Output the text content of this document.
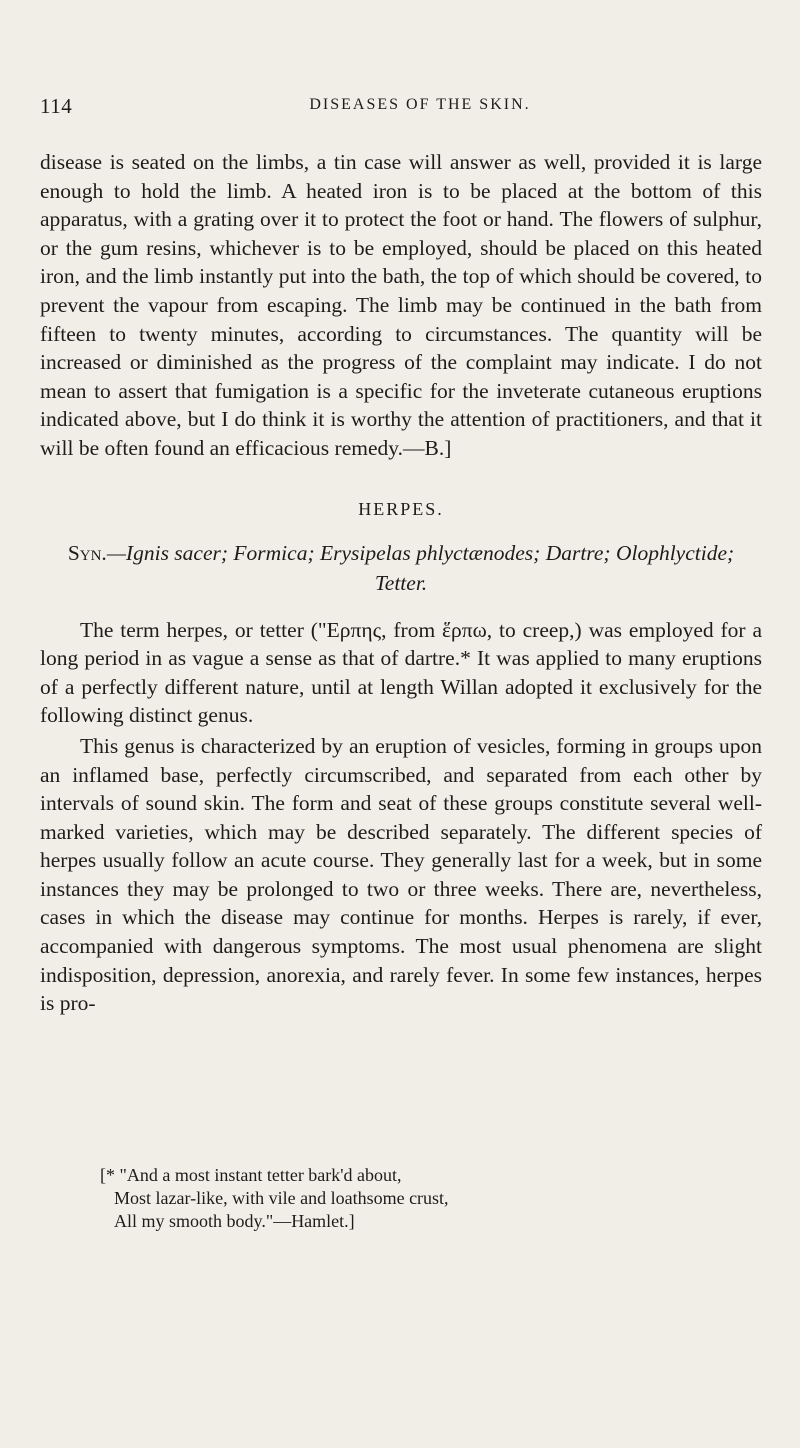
114	DISEASES OF THE SKIN.

disease is seated on the limbs, a tin case will answer as well, provided it is large enough to hold the limb. A heated iron is to be placed at the bottom of this apparatus, with a grating over it to protect the foot or hand. The flowers of sulphur, or the gum resins, whichever is to be employed, should be placed on this heated iron, and the limb instantly put into the bath, the top of which should be covered, to prevent the vapour from escaping. The limb may be continued in the bath from fifteen to twenty minutes, according to circumstances. The quantity will be increased or diminished as the progress of the complaint may indicate. I do not mean to assert that fumigation is a specific for the inveterate cutaneous eruptions indicated above, but I do think it is worthy the attention of practitioners, and that it will be often found an efficacious remedy.—B.]

HERPES.
Syn.—Ignis sacer; Formica; Erysipelas phlyctænodes; Dartre; Olophlyctide; Tetter.

The term herpes, or tetter ("Ερπης, from ἕρπω, to creep,) was employed for a long period in as vague a sense as that of dartre.* It was applied to many eruptions of a perfectly different nature, until at length Willan adopted it exclusively for the following distinct genus.

This genus is characterized by an eruption of vesicles, forming in groups upon an inflamed base, perfectly circumscribed, and separated from each other by intervals of sound skin. The form and seat of these groups constitute several well-marked varieties, which may be described separately. The different species of herpes usually follow an acute course. They generally last for a week, but in some instances they may be prolonged to two or three weeks. There are, nevertheless, cases in which the disease may continue for months. Herpes is rarely, if ever, accompanied with dangerous symptoms. The most usual phenomena are slight indisposition, depression, anorexia, and rarely fever. In some few instances, herpes is pro-

[* "And a most instant tetter bark'd about,
Most lazar-like, with vile and loathsome crust,
All my smooth body."—Hamlet.]
